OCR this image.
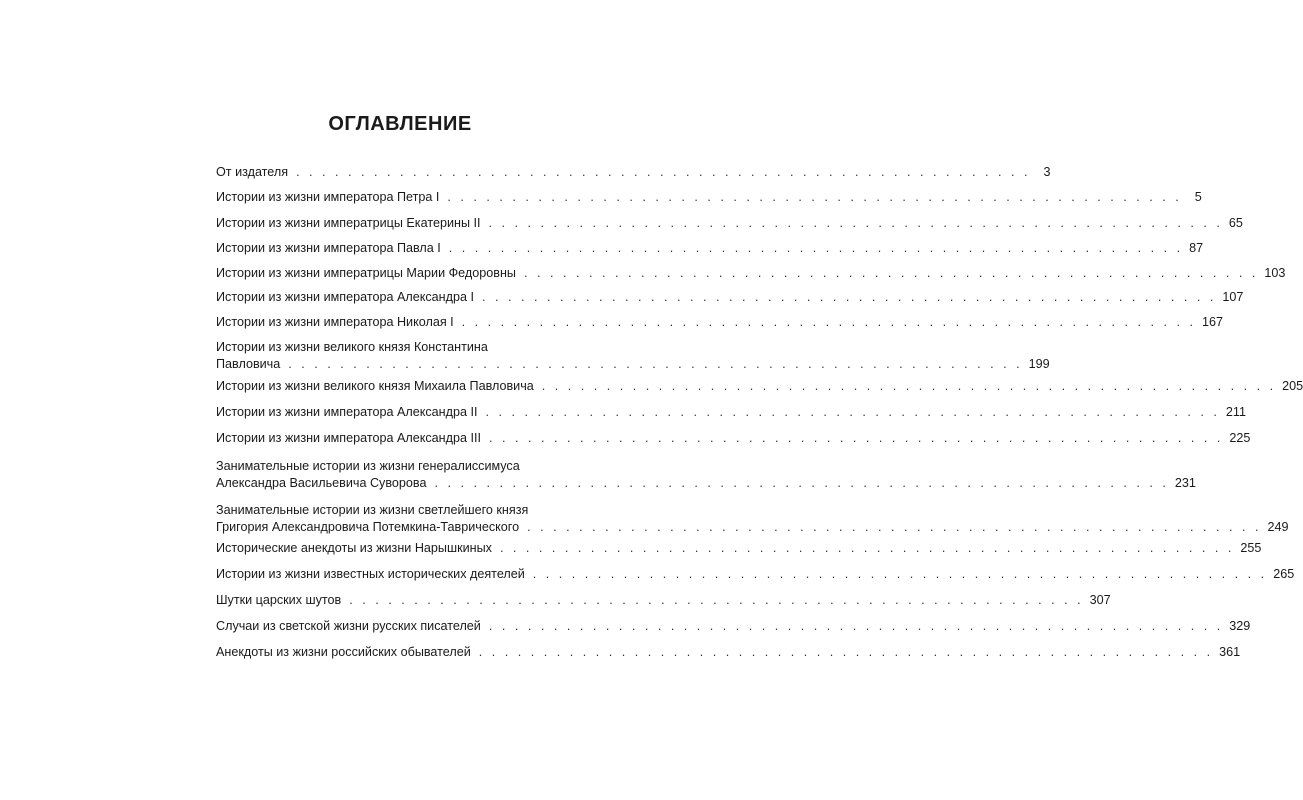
ОГЛАВЛЕНИЕ
От издателя . . . . . . . . . . . . . . . . . . . . . . . . . . . . . . . . . . . . . . . . . . . . . . . . . . . . . . . . .	3
Истории из жизни императора Петра I . . . . . . . . . . . . . . . . . . . . . . . . . . . . . . . . . . . . . . . . . . . . . . . . . . . . . . . . .	5
Истории из жизни императрицы Екатерины II . . . . . . . . . . . . . . . . . . . . . . . . . . . . . . . . . . . . . . . . . . . . . . . . . . . . . . . . . 65
Истории из жизни императора Павла I . . . . . . . . . . . . . . . . . . . . . . . . . . . . . . . . . . . . . . . . . . . . . . . . . . . . . . . . . 87
Истории из жизни императрицы Марии Федоровны . . . . . . . . . . . . . . . . . . . . . . . . . . . . . . . . . . . . . . . . . . . . . . . . . . . . . . . . . 103
Истории из жизни императора Александра I . . . . . . . . . . . . . . . . . . . . . . . . . . . . . . . . . . . . . . . . . . . . . . . . . . . . . . . . . 107
Истории из жизни императора Николая I . . . . . . . . . . . . . . . . . . . . . . . . . . . . . . . . . . . . . . . . . . . . . . . . . . . . . . . . . 167
Истории из жизни великого князя Константина
Павловича . . . . . . . . . . . . . . . . . . . . . . . . . . . . . . . . . . . . . . . . . . . . . . . . . . . . . . . . . 199
Истории из жизни великого князя Михаила Павловича . . . . . . . . . . . . . . . . . . . . . . . . . . . . . . . . . . . . . . . . . . . . . . . . . . . . . . . . . 205
Истории из жизни императора Александра II . . . . . . . . . . . . . . . . . . . . . . . . . . . . . . . . . . . . . . . . . . . . . . . . . . . . . . . . . 211
Истории из жизни императора Александра III . . . . . . . . . . . . . . . . . . . . . . . . . . . . . . . . . . . . . . . . . . . . . . . . . . . . . . . . . 225
Занимательные истории из жизни генералиссимуса
Александра Васильевича Суворова . . . . . . . . . . . . . . . . . . . . . . . . . . . . . . . . . . . . . . . . . . . . . . . . . . . . . . . . . 231
Занимательные истории из жизни светлейшего князя
Григория Александровича Потемкина-Таврического . . . . . . . . . . . . . . . . . . . . . . . . . . . . . . . . . . . . . . . . . . . . . . . . . . . . . . . . . 249
Исторические анекдоты из жизни Нарышкиных . . . . . . . . . . . . . . . . . . . . . . . . . . . . . . . . . . . . . . . . . . . . . . . . . . . . . . . . . 255
Истории из жизни известных исторических деятелей . . . . . . . . . . . . . . . . . . . . . . . . . . . . . . . . . . . . . . . . . . . . . . . . . . . . . . . . . 265
Шутки царских шутов . . . . . . . . . . . . . . . . . . . . . . . . . . . . . . . . . . . . . . . . . . . . . . . . . . . . . . . . . 307
Случаи из светской жизни русских писателей . . . . . . . . . . . . . . . . . . . . . . . . . . . . . . . . . . . . . . . . . . . . . . . . . . . . . . . . . 329
Анекдоты из жизни российских обывателей . . . . . . . . . . . . . . . . . . . . . . . . . . . . . . . . . . . . . . . . . . . . . . . . . . . . . . . . . 361
